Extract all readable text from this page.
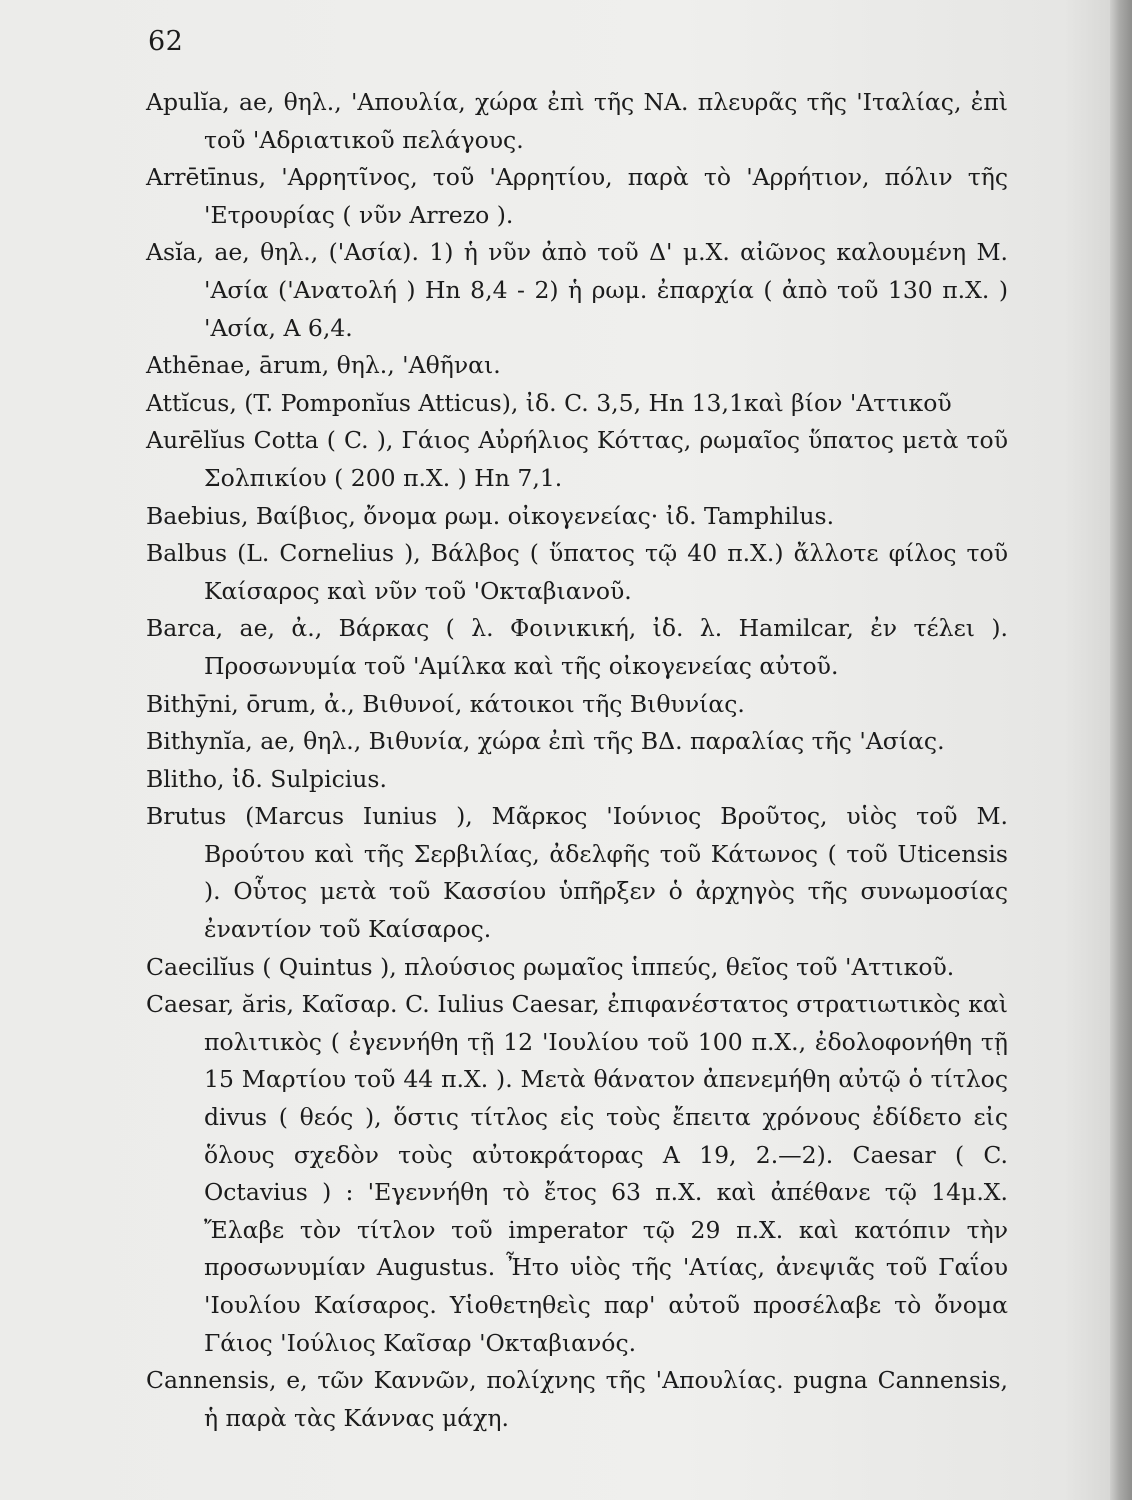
62

Apulĭa, ae, θηλ., 'Απουλία, χώρα ἐπὶ τῆς ΝΑ. πλευρᾶς τῆς 'Ιταλίας, ἐπὶ τοῦ 'Αδριατικοῦ πελάγους.

Arrētīnus, 'Αρρητῖνος, τοῦ 'Αρρητίου, παρὰ τὸ 'Αρρήτιον, πόλιν τῆς 'Ετρουρίας ( νῦν Arrezo ).

Asĭa, ae, θηλ., ('Ασία). 1) ἡ νῦν ἀπὸ τοῦ Δ' μ.Χ. αἰῶνος καλουμένη Μ. 'Ασία ('Ανατολή ) Hn 8,4 - 2) ἡ ρωμ. ἐπαρχία ( ἀπὸ τοῦ 130 π.Χ. ) 'Ασία, A 6,4.

Athēnae, ārum, θηλ., 'Αθῆναι.

Attĭcus, (T. Pomponĭus Atticus), ἰδ. C. 3,5, Hn 13,1καὶ βίον 'Αττικοῦ

Aurēlĭus Cotta ( C. ), Γάιος Αὐρήλιος Κόττας, ρωμαῖος ὕπατος μετὰ τοῦ Σολπικίου ( 200 π.Χ. ) Hn 7,1.

Baebius, Βαίβιος, ὄνομα ρωμ. οἰκογενείας· ἰδ. Tamphilus.

Balbus (L. Cornelius ), Βάλβος ( ὕπατος τῷ 40 π.Χ.) ἄλλοτε φίλος τοῦ Καίσαρος καὶ νῦν τοῦ 'Οκταβιανοῦ.

Barca, ae, ἀ., Βάρκας ( λ. Φοινικική, ἰδ. λ. Hamilcar, ἐν τέλει ). Προσωνυμία τοῦ 'Αμίλκα καὶ τῆς οἰκογενείας αὐτοῦ.

Bithȳni, ōrum, ἀ., Βιθυνοί, κάτοικοι τῆς Βιθυνίας.

Bithynĭa, ae, θηλ., Βιθυνία, χώρα ἐπὶ τῆς ΒΔ. παραλίας τῆς 'Ασίας.

Blitho, ἰδ. Sulpicius.

Brutus (Marcus Iunius ), Μᾶρκος 'Ιούνιος Βροῦτος, υἱὸς τοῦ Μ. Βρούτου καὶ τῆς Σερβιλίας, ἀδελφῆς τοῦ Κάτωνος ( τοῦ Uticensis ). Οὗτος μετὰ τοῦ Κασσίου ὑπῆρξεν ὁ ἀρχηγὸς τῆς συνωμοσίας ἐναντίον τοῦ Καίσαρος.

Caecilĭus ( Quintus ), πλούσιος ρωμαῖος ἱππεύς, θεῖος τοῦ 'Αττικοῦ.

Caesar, ăris, Καῖσαρ. C. Iulius Caesar, ἐπιφανέστατος στρατιωτικὸς καὶ πολιτικὸς ( ἐγεννήθη τῇ 12 'Ιουλίου τοῦ 100 π.Χ., ἐδολοφονήθη τῇ 15 Μαρτίου τοῦ 44 π.Χ. ). Μετὰ θάνατον ἀπενεμήθη αὐτῷ ὁ τίτλος divus ( θεός ), ὅστις τίτλος εἰς τοὺς ἔπειτα χρόνους ἐδίδετο εἰς ὅλους σχεδὸν τοὺς αὐτοκράτορας A 19, 2.—2). Caesar ( C. Octavius ) : 'Εγεννήθη τὸ ἔτος 63 π.Χ. καὶ ἀπέθανε τῷ 14μ.Χ. Ἔλαβε τὸν τίτλον τοῦ imperator τῷ 29 π.Χ. καὶ κατόπιν τὴν προσωνυμίαν Augustus. Ἦτο υἱὸς τῆς 'Ατίας, ἀνεψιᾶς τοῦ Γαΐου 'Ιουλίου Καίσαρος. Υἱοθετηθεὶς παρ' αὐτοῦ προσέλαβε τὸ ὄνομα Γάιος 'Ιούλιος Καῖσαρ 'Οκταβιανός.

Cannensis, e, τῶν Καννῶν, πολίχνης τῆς 'Απουλίας. pugna Cannensis, ἡ παρὰ τὰς Κάννας μάχη.
